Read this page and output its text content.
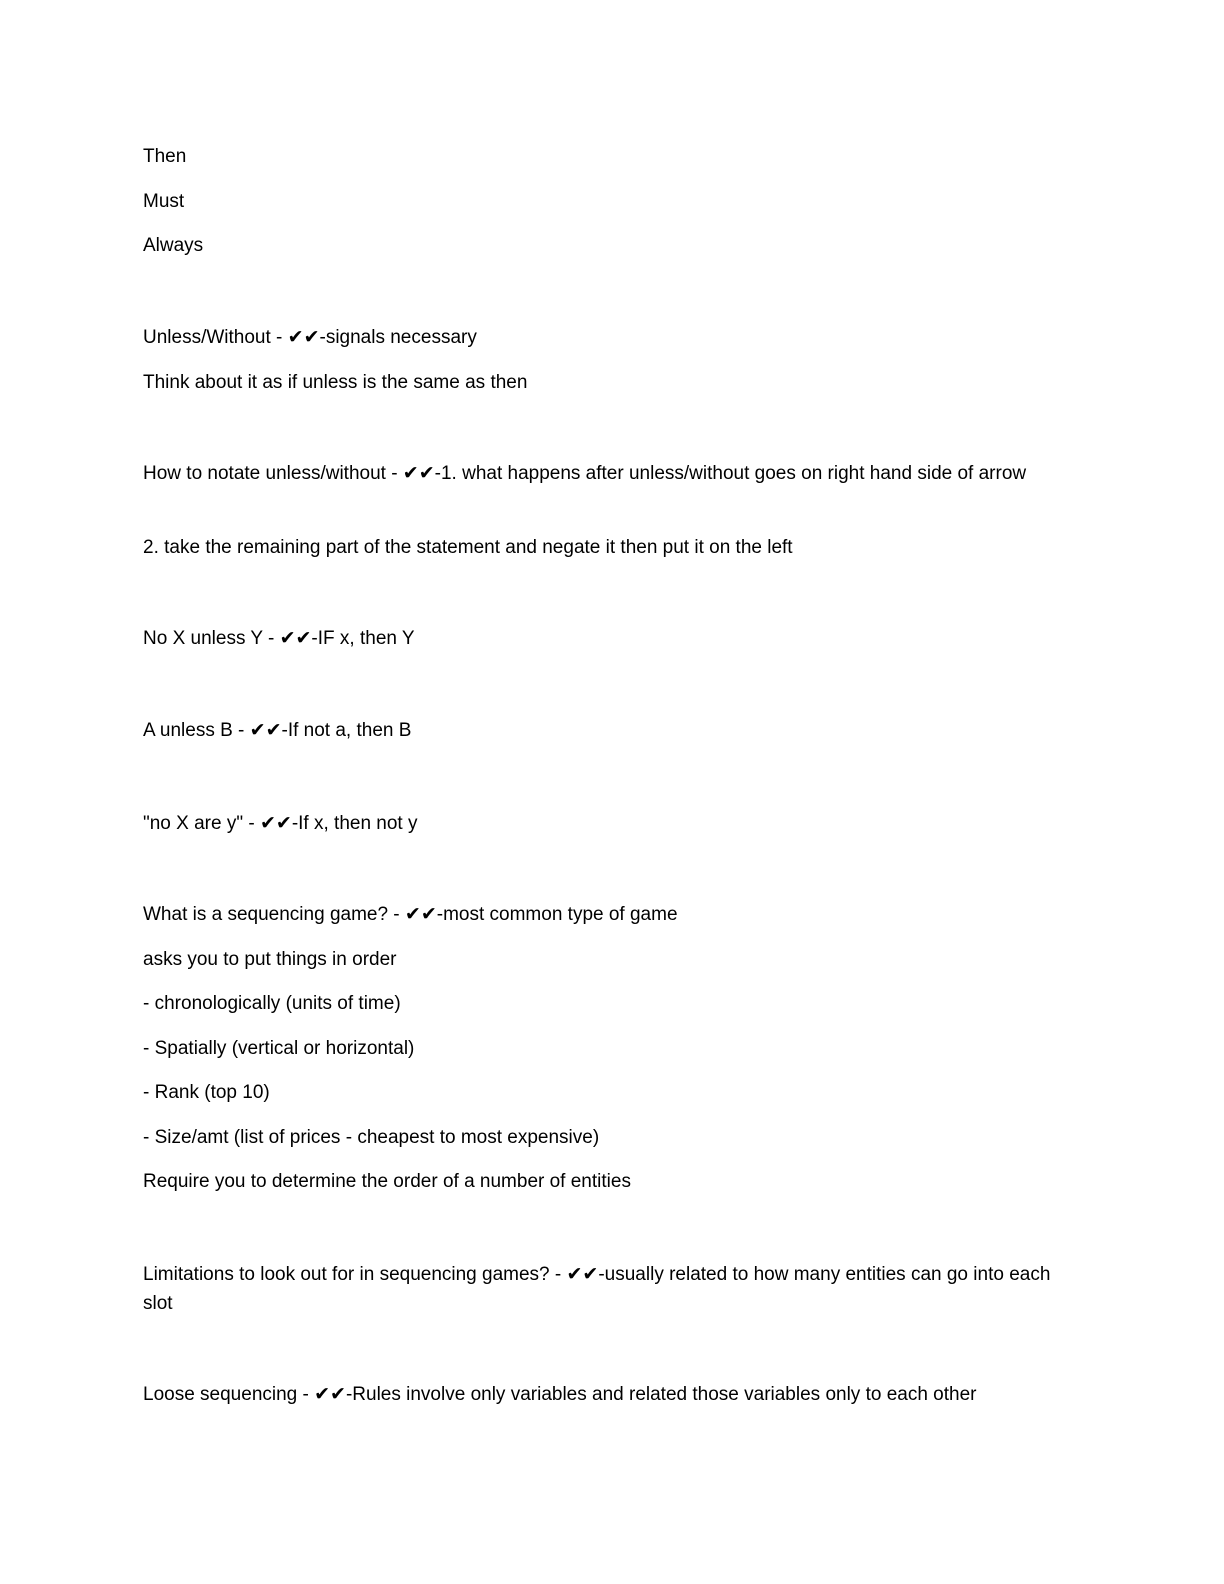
Then
Must
Always
Unless/Without - ✔✔-signals necessary
Think about it as if unless is the same as then
How to notate unless/without - ✔✔-1. what happens after unless/without goes on right hand side of arrow
2. take the remaining part of the statement and negate it then put it on the left
No X unless Y - ✔✔-IF x, then Y
A unless B - ✔✔-If not a, then B
"no X are y" - ✔✔-If x, then not y
What is a sequencing game? - ✔✔-most common type of game
asks you to put things in order
- chronologically (units of time)
- Spatially (vertical or horizontal)
- Rank (top 10)
- Size/amt (list of prices - cheapest to most expensive)
Require you to determine the order of a number of entities
Limitations to look out for in sequencing games? - ✔✔-usually related to how many entities can go into each slot
Loose sequencing - ✔✔-Rules involve only variables and related those variables only to each other
